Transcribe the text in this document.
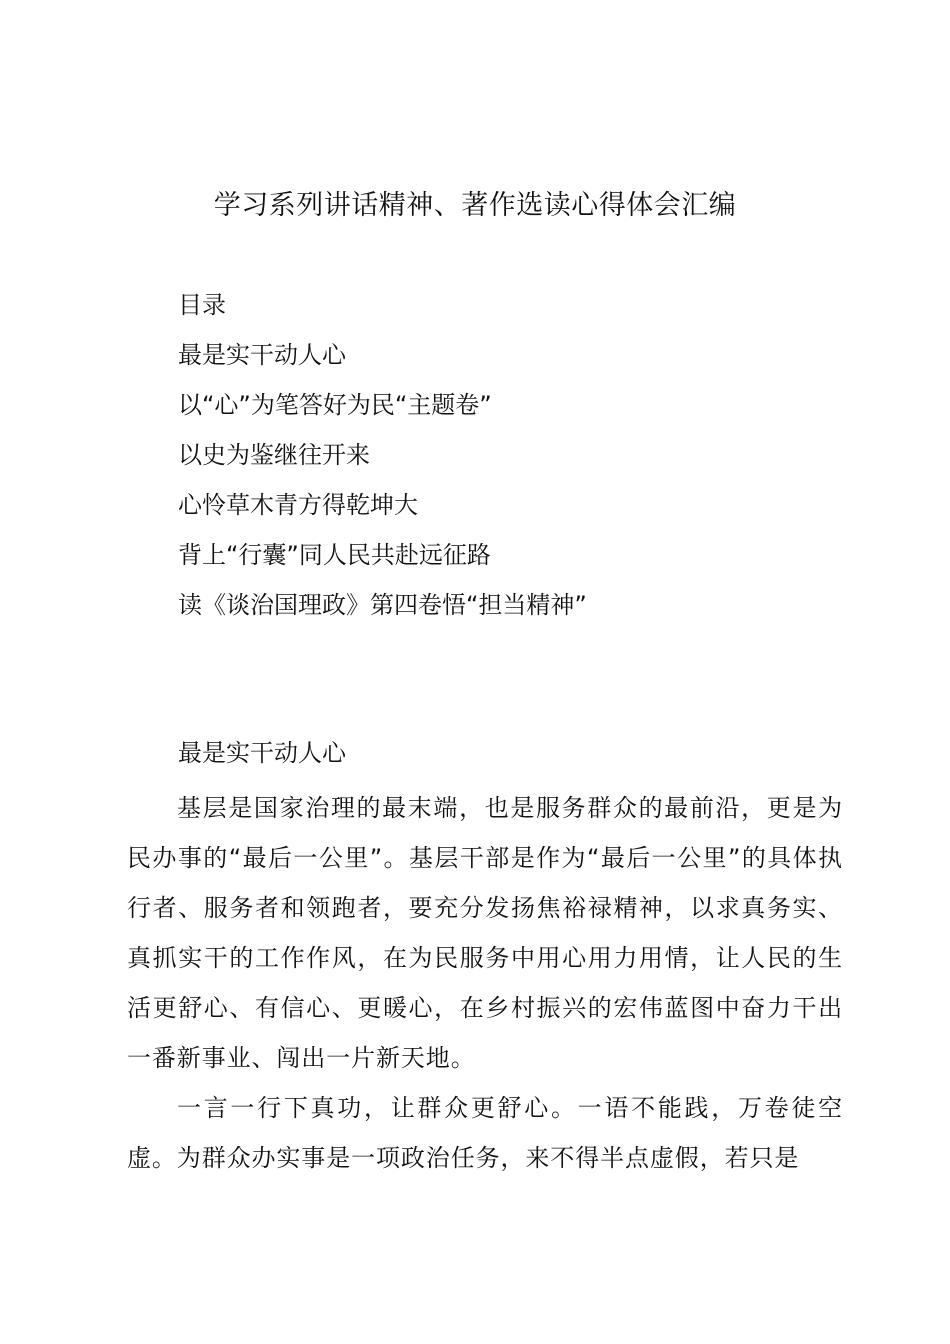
学习系列讲话精神、著作选读心得体会汇编
目录
最是实干动人心
以“心”为笔答好为民“主题卷”
以史为鉴继往开来
心怜草木青方得乾坤大
背上“行囊”同人民共赴远征路
读《谈治国理政》第四卷悟“担当精神”
最是实干动人心

基层是国家治理的最末端，也是服务群众的最前沿，更是为民办事的“最后一公里”。基层干部是作为“最后一公里”的具体执行者、服务者和领跑者，要充分发扬焦裕禄精神，以求真务实、真抓实干的工作作风，在为民服务中用心用力用情，让人民的生活更舒心、有信心、更暖心，在乡村振兴的宏伟蓝图中奋力干出一番新事业、闯出一片新天地。

一言一行下真功，让群众更舒心。一语不能践，万卷徒空虚。为群众办实事是一项政治任务，来不得半点虚假，若只是
